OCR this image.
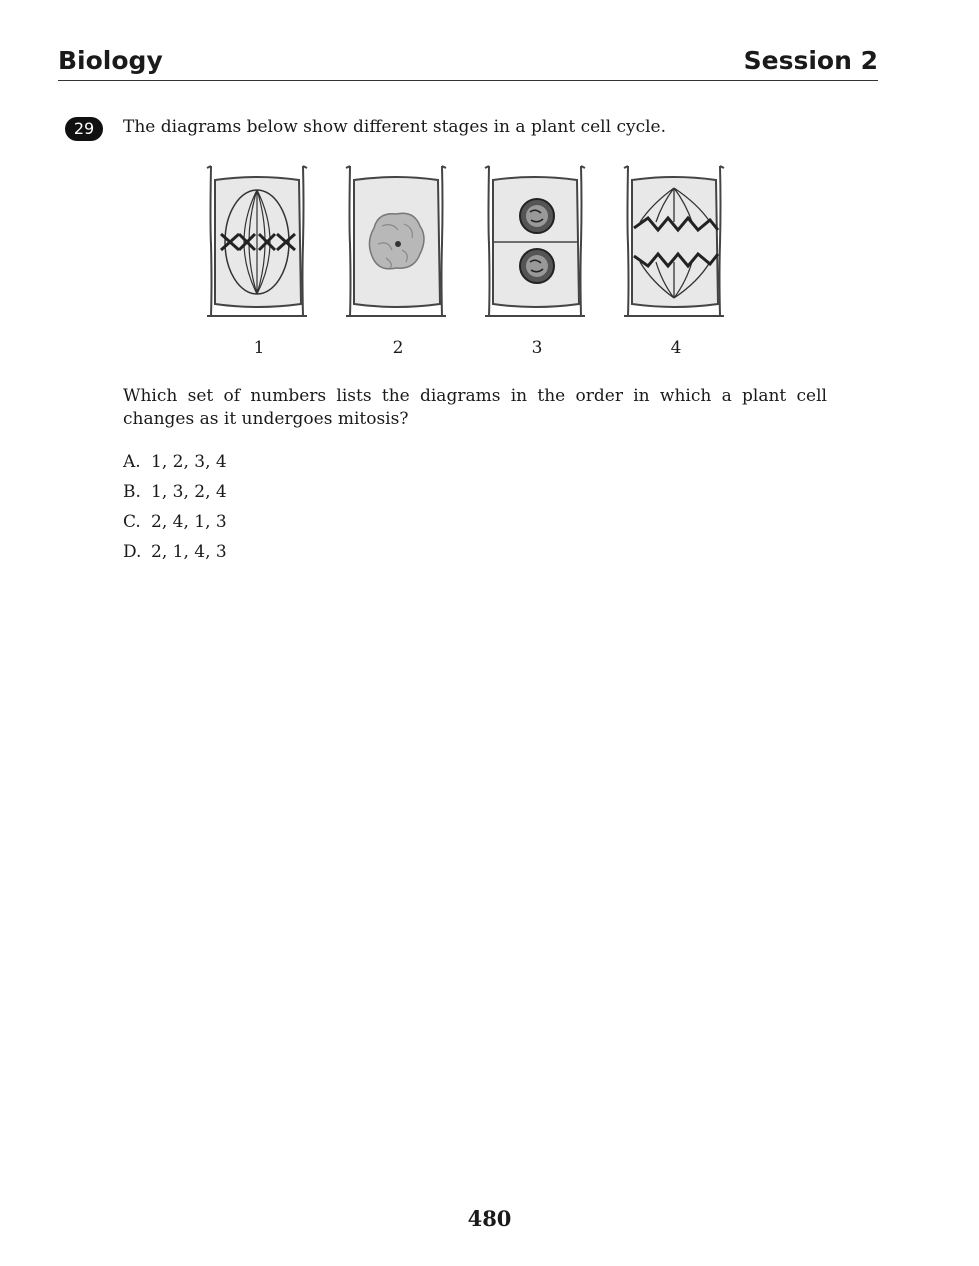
Biology	Session 2
29	The diagrams below show different stages in a plant cell cycle.
1	2	3	4
Which set of numbers lists the diagrams in the order in which a plant cell changes as it undergoes mitosis?
A. 1, 2, 3, 4
B. 1, 3, 2, 4
C. 2, 4, 1, 3
D. 2, 1, 4, 3
480
